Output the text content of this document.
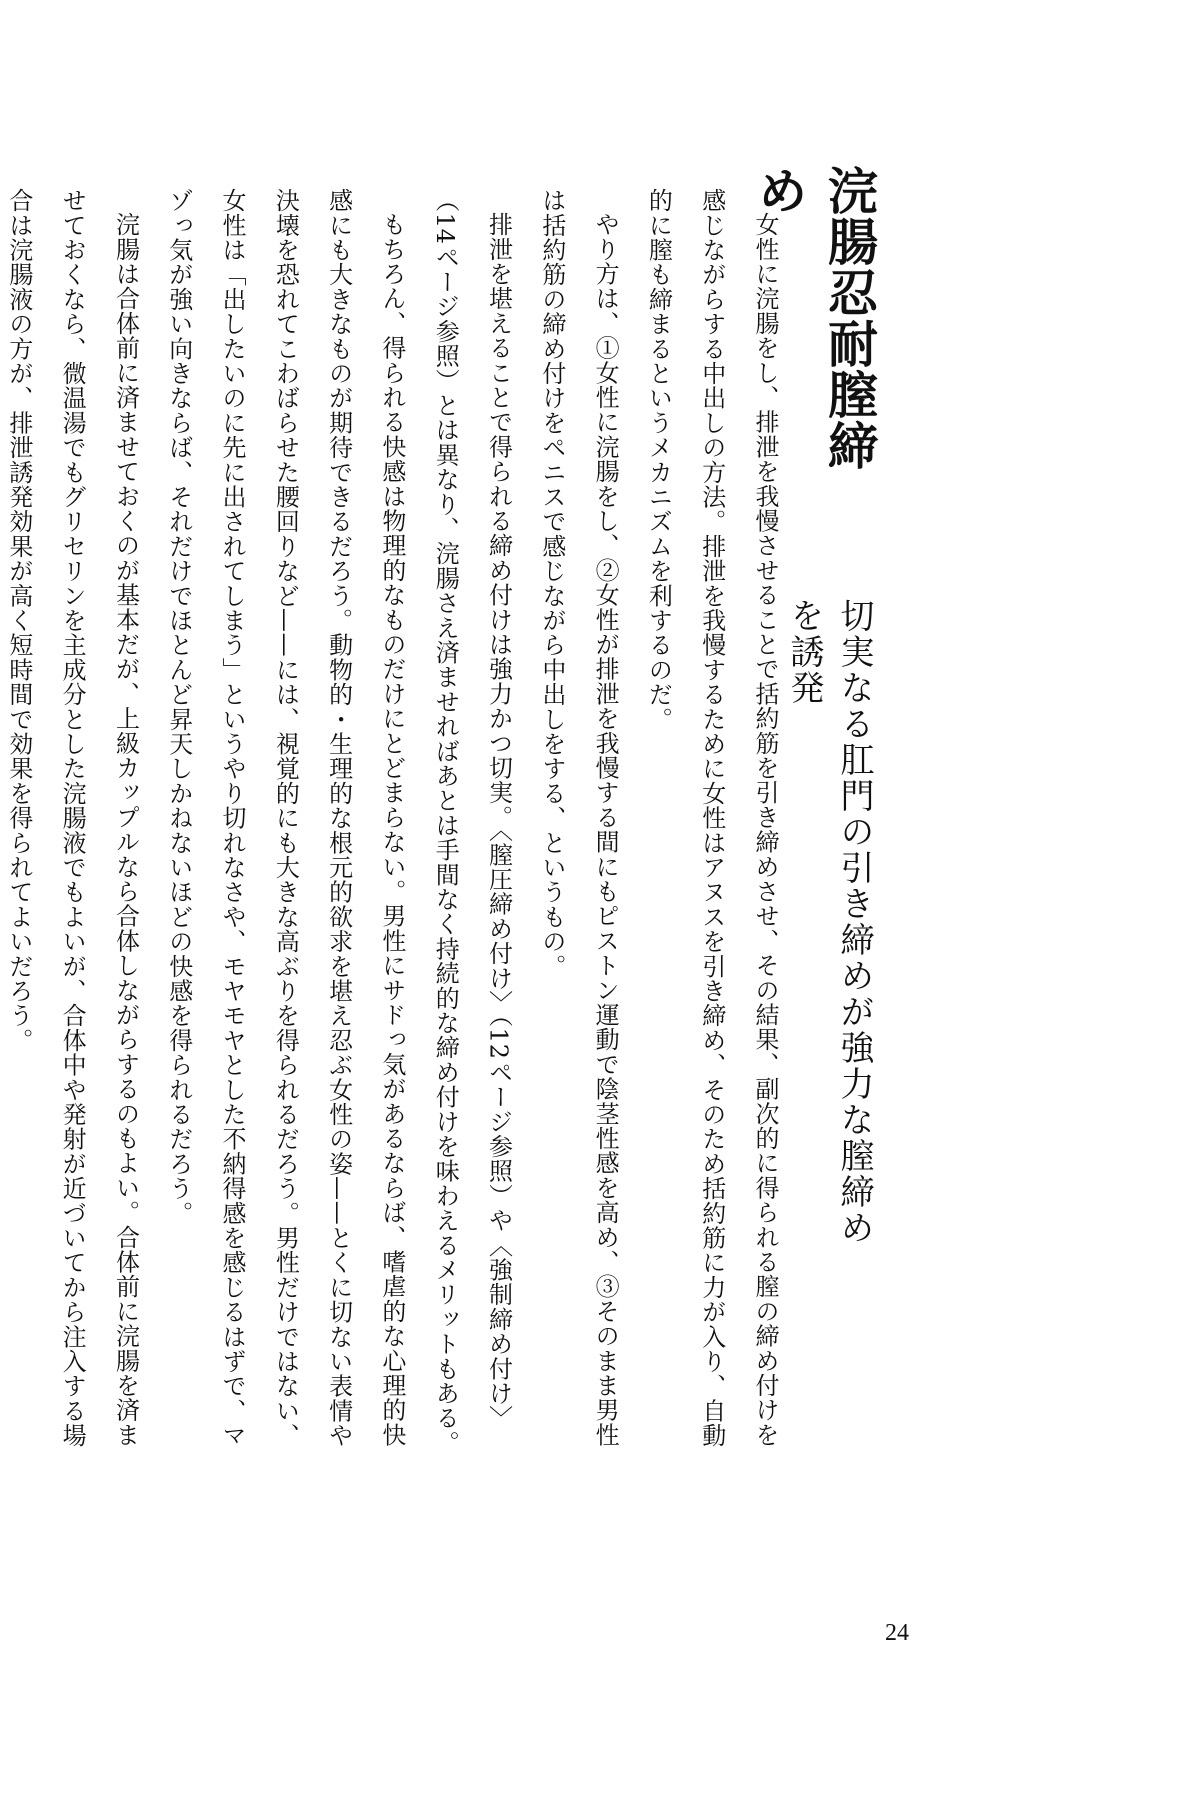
浣腸忍耐膣締め
切実なる肛門の引き締めが強力な膣締めを誘発

女性に浣腸をし、排泄を我慢させることで括約筋を引き締めさせ、その結果、副次的に得られる膣の締め付けを感じながらする中出しの方法。排泄を我慢するために女性はアヌスを引き締め、そのため括約筋に力が入り、自動的に膣も締まるというメカニズムを利するのだ。

やり方は、①女性に浣腸をし、②女性が排泄を我慢する間にもピストン運動で陰茎性感を高め、③そのまま男性は括約筋の締め付けをペニスで感じながら中出しをする、というもの。

排泄を堪えることで得られる締め付けは強力かつ切実。〈膣圧締め付け〉（12ページ参照）や〈強制締め付け〉（14ページ参照）とは異なり、浣腸さえ済ませればあとは手間なく持続的な締め付けを味わえるメリットもある。

もちろん、得られる快感は物理的なものだけにとどまらない。男性にサドっ気があるならば、嗜虐的な心理的快感にも大きなものが期待できるだろう。動物的・生理的な根元的欲求を堪え忍ぶ女性の姿——とくに切ない表情や決壊を恐れてこわばらせた腰回りなど——には、視覚的にも大きな高ぶりを得られるだろう。男性だけではない、女性は「出したいのに先に出されてしまう」というやり切れなさや、モヤモヤとした不納得感を感じるはずで、マゾっ気が強い向きならば、それだけでほとんど昇天しかねないほどの快感を得られるだろう。

浣腸は合体前に済ませておくのが基本だが、上級カップルなら合体しながらするのもよい。合体前に浣腸を済ませておくなら、微温湯でもグリセリンを主成分とした浣腸液でもよいが、合体中や発射が近づいてから注入する場合は浣腸液の方が、排泄誘発効果が高く短時間で効果を得られてよいだろう。

24
